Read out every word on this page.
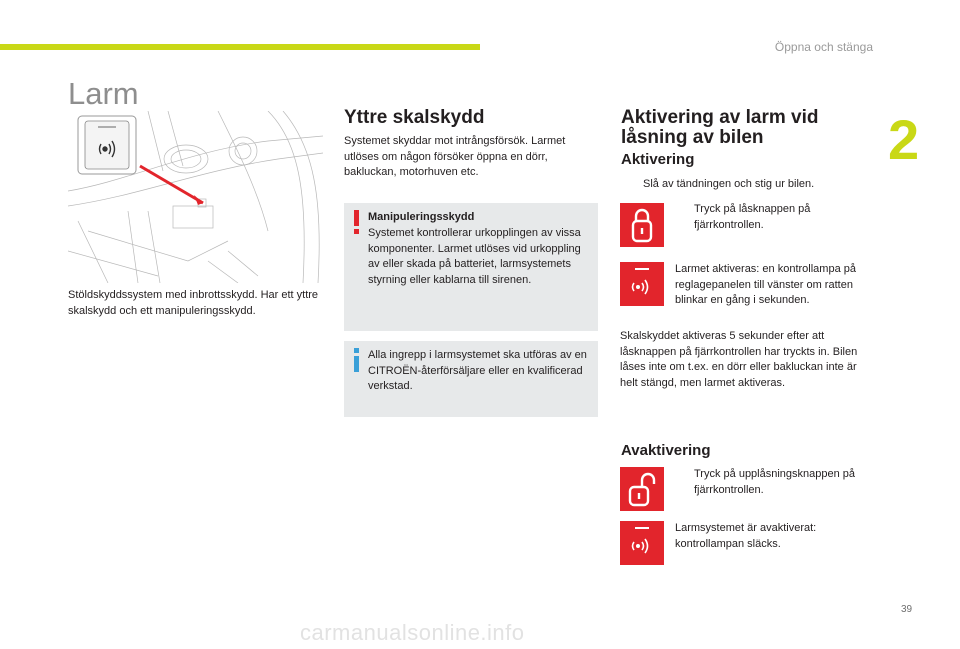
Öppna och stänga
2
Larm
Stöldskyddssystem med inbrottsskydd. Har ett yttre skalskydd och ett manipuleringsskydd.
Yttre skalskydd
Systemet skyddar mot intrångsförsök. Larmet utlöses om någon försöker öppna en dörr, bakluckan, motorhuven etc.
Manipuleringsskydd
Systemet kontrollerar urkopplingen av vissa komponenter. Larmet utlöses vid urkoppling av eller skada på batteriet, larmsystemets styrning eller kablarna till sirenen.
Alla ingrepp i larmsystemet ska utföras av en CITROËN-återförsäljare eller en kvalificerad verkstad.
Aktivering av larm vid låsning av bilen
Aktivering
Slå av tändningen och stig ur bilen.
Tryck på låsknappen på fjärrkontrollen.
Larmet aktiveras: en kontrollampa på reglagepanelen till vänster om ratten blinkar en gång i sekunden.
Skalskyddet aktiveras 5 sekunder efter att låsknappen på fjärrkontrollen har tryckts in. Bilen låses inte om t.ex. en dörr eller bakluckan inte är helt stängd, men larmet aktiveras.
Avaktivering
Tryck på upplåsningsknappen på fjärrkontrollen.
Larmsystemet är avaktiverat: kontrollampan släcks.
39
carmanualsonline.info
